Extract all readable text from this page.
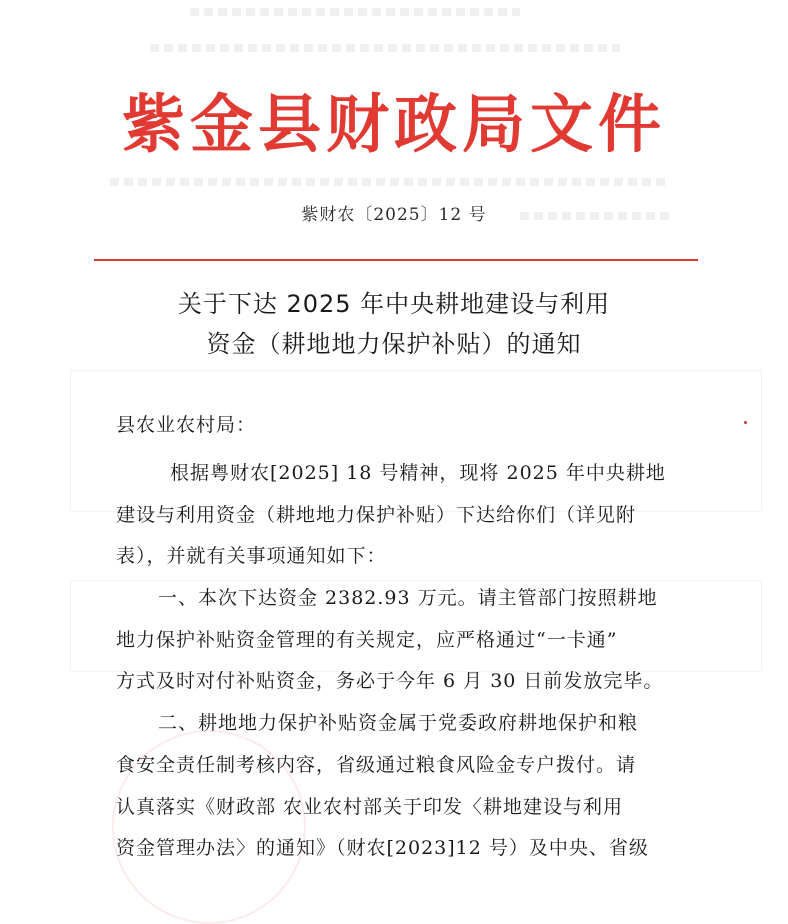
紫金县财政局文件
紫财农〔2025〕12 号
关于下达 2025 年中央耕地建设与利用
资金（耕地地力保护补贴）的通知
县农业农村局：
根据粤财农[2025] 18 号精神，现将 2025 年中央耕地
建设与利用资金（耕地地力保护补贴）下达给你们（详见附
表），并就有关事项通知如下：
一、本次下达资金 2382.93 万元。请主管部门按照耕地
地力保护补贴资金管理的有关规定，应严格通过“一卡通”
方式及时对付补贴资金，务必于今年 6 月 30 日前发放完毕。
二、耕地地力保护补贴资金属于党委政府耕地保护和粮
食安全责任制考核内容，省级通过粮食风险金专户拨付。请
认真落实《财政部 农业农村部关于印发〈耕地建设与利用
资金管理办法〉的通知》（财农[2023]12 号）及中央、省级
